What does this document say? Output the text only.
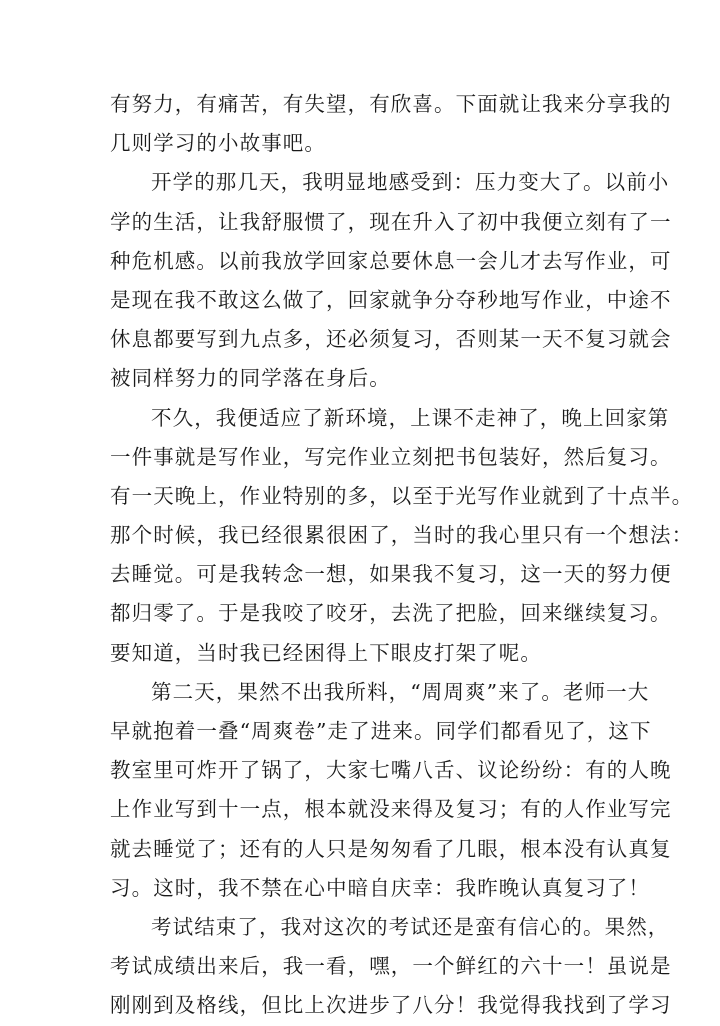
有努力，有痛苦，有失望，有欣喜。下面就让我来分享我的
几则学习的小故事吧。
开学的那几天，我明显地感受到：压力变大了。以前小
学的生活，让我舒服惯了，现在升入了初中我便立刻有了一
种危机感。以前我放学回家总要休息一会儿才去写作业，可
是现在我不敢这么做了，回家就争分夺秒地写作业，中途不
休息都要写到九点多，还必须复习，否则某一天不复习就会
被同样努力的同学落在身后。
不久，我便适应了新环境，上课不走神了，晚上回家第
一件事就是写作业，写完作业立刻把书包装好，然后复习。
有一天晚上，作业特别的多，以至于光写作业就到了十点半。
那个时候，我已经很累很困了，当时的我心里只有一个想法：
去睡觉。可是我转念一想，如果我不复习，这一天的努力便
都归零了。于是我咬了咬牙，去洗了把脸，回来继续复习。
要知道，当时我已经困得上下眼皮打架了呢。
第二天，果然不出我所料，“周周爽”来了。老师一大
早就抱着一叠“周爽卷”走了进来。同学们都看见了，这下
教室里可炸开了锅了，大家七嘴八舌、议论纷纷：有的人晚
上作业写到十一点，根本就没来得及复习；有的人作业写完
就去睡觉了；还有的人只是匆匆看了几眼，根本没有认真复
习。这时，我不禁在心中暗自庆幸：我昨晚认真复习了！
考试结束了，我对这次的考试还是蛮有信心的。果然，
考试成绩出来后，我一看，嘿，一个鲜红的六十一！虽说是
刚刚到及格线，但比上次进步了八分！我觉得我找到了学习
